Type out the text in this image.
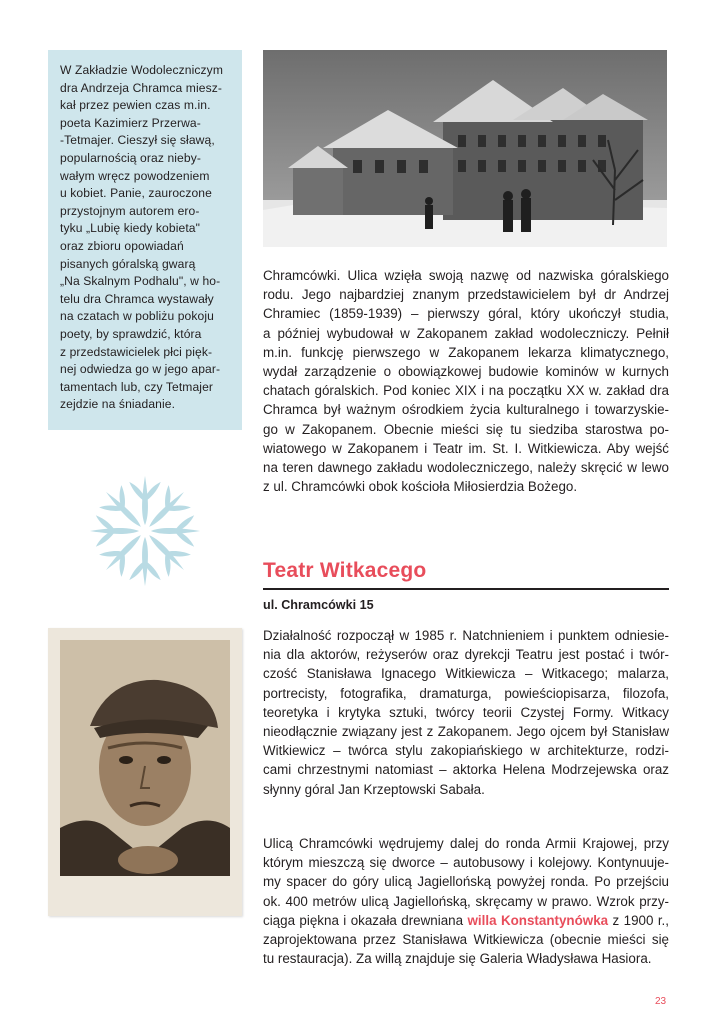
W Zakładzie Wodoleczniczym
dra Andrzeja Chramca miesz-
kał przez pewien czas m.in.
poeta Kazimierz Przerwa-
-Tetmajer. Cieszył się sławą,
popularnością oraz nieby-
wałym wręcz powodzeniem
u kobiet. Panie, zauroczone
przystojnym autorem ero-
tyku „Lubię kiedy kobieta"
oraz zbioru opowiadań
pisanych góralską gwarą
„Na Skalnym Podhalu", w ho-
telu dra Chramca wystawały
na czatach w pobliżu pokoju
poety, by sprawdzić, która
z przedstawicielek płci pięk-
nej odwiedza go w jego apar-
tamentach lub, czy Tetmajer
zejdzie na śniadanie.
Chramcówki. Ulica wzięła swoją nazwę od nazwiska góralskiego
rodu. Jego najbardziej znanym przedstawicielem był dr Andrzej
Chramiec (1859-1939) – pierwszy góral, który ukończył studia,
a później wybudował w Zakopanem zakład wodoleczniczy. Pełnił
m.in. funkcję pierwszego w Zakopanem lekarza klimatycznego,
wydał zarządzenie o obowiązkowej budowie kominów w kurnych
chatach góralskich. Pod koniec XIX i na początku XX w. zakład dra
Chramca był ważnym ośrodkiem życia kulturalnego i towarzyskie-
go w Zakopanem. Obecnie mieści się tu siedziba starostwa po-
wiatowego w Zakopanem i Teatr im. St. I. Witkiewicza. Aby wejść
na teren dawnego zakładu wodoleczniczego, należy skręcić w lewo
z ul. Chramcówki obok kościoła Miłosierdzia Bożego.
Teatr Witkacego
ul. Chramcówki 15
Działalność rozpoczął w 1985 r. Natchnieniem i punktem odniesie-
nia dla aktorów, reżyserów oraz dyrekcji Teatru jest postać i twór-
czość Stanisława Ignacego Witkiewicza – Witkacego; malarza,
portrecisty, fotografika, dramaturga, powieściopisarza, filozofa,
teoretyka i krytyka sztuki, twórcy teorii Czystej Formy. Witkacy
nieodłącznie związany jest z Zakopanem. Jego ojcem był Stanisław
Witkiewicz – twórca stylu zakopiańskiego w architekturze, rodzi-
cami chrzestnymi natomiast – aktorka Helena Modrzejewska oraz
słynny góral Jan Krzeptowski Sabała.
Ulicą Chramcówki wędrujemy dalej do ronda Armii Krajowej, przy
którym mieszczą się dworce – autobusowy i kolejowy. Kontynuuje-
my spacer do góry ulicą Jagiellońską powyżej ronda. Po przejściu
ok. 400 metrów ulicą Jagiellońską, skręcamy w prawo. Wzrok przy-
ciąga piękna i okazała drewniana willa Konstantynówka z 1900 r.,
zaprojektowana przez Stanisława Witkiewicza (obecnie mieści się
tu restauracja). Za willą znajduje się Galeria Władysława Hasiora.
23
